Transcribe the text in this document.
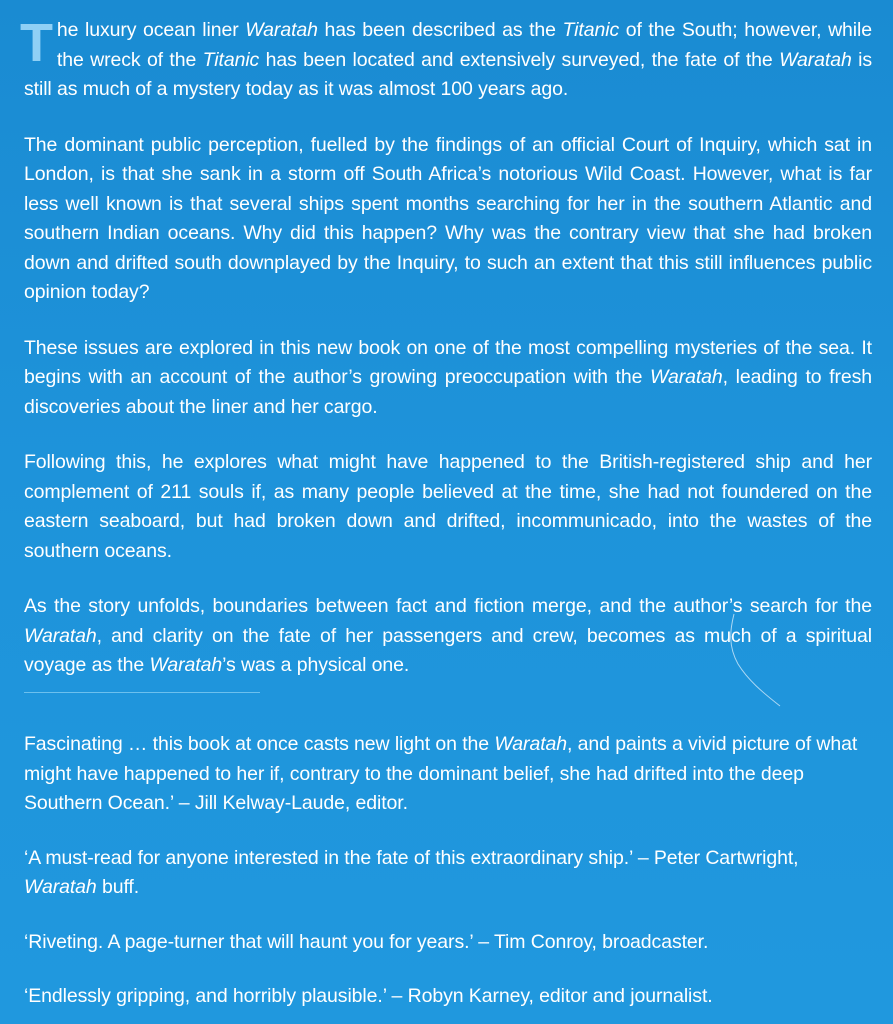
The luxury ocean liner Waratah has been described as the Titanic of the South; however, while the wreck of the Titanic has been located and extensively surveyed, the fate of the Waratah is still as much of a mystery today as it was almost 100 years ago.

The dominant public perception, fuelled by the findings of an official Court of Inquiry, which sat in London, is that she sank in a storm off South Africa’s notorious Wild Coast. However, what is far less well known is that several ships spent months searching for her in the southern Atlantic and southern Indian oceans. Why did this happen? Why was the contrary view that she had broken down and drifted south downplayed by the Inquiry, to such an extent that this still influences public opinion today?

These issues are explored in this new book on one of the most compelling mysteries of the sea. It begins with an account of the author’s growing preoccupation with the Waratah, leading to fresh discoveries about the liner and her cargo.

Following this, he explores what might have happened to the British-registered ship and her complement of 211 souls if, as many people believed at the time, she had not foundered on the eastern seaboard, but had broken down and drifted, incommunicado, into the wastes of the southern oceans.

As the story unfolds, boundaries between fact and fiction merge, and the author’s search for the Waratah, and clarity on the fate of her passengers and crew, becomes as much of a spiritual voyage as the Waratah’s was a physical one.

Fascinating … this book at once casts new light on the Waratah, and paints a vivid picture of what might have happened to her if, contrary to the dominant belief, she had drifted into the deep Southern Ocean.’ – Jill Kelway-Laude, editor.

‘A must-read for anyone interested in the fate of this extraordinary ship.’ – Peter Cartwright, Waratah buff.

‘Riveting. A page-turner that will haunt you for years.’ – Tim Conroy, broadcaster.

‘Endlessly gripping, and horribly plausible.’ – Robyn Karney, editor and journalist.
